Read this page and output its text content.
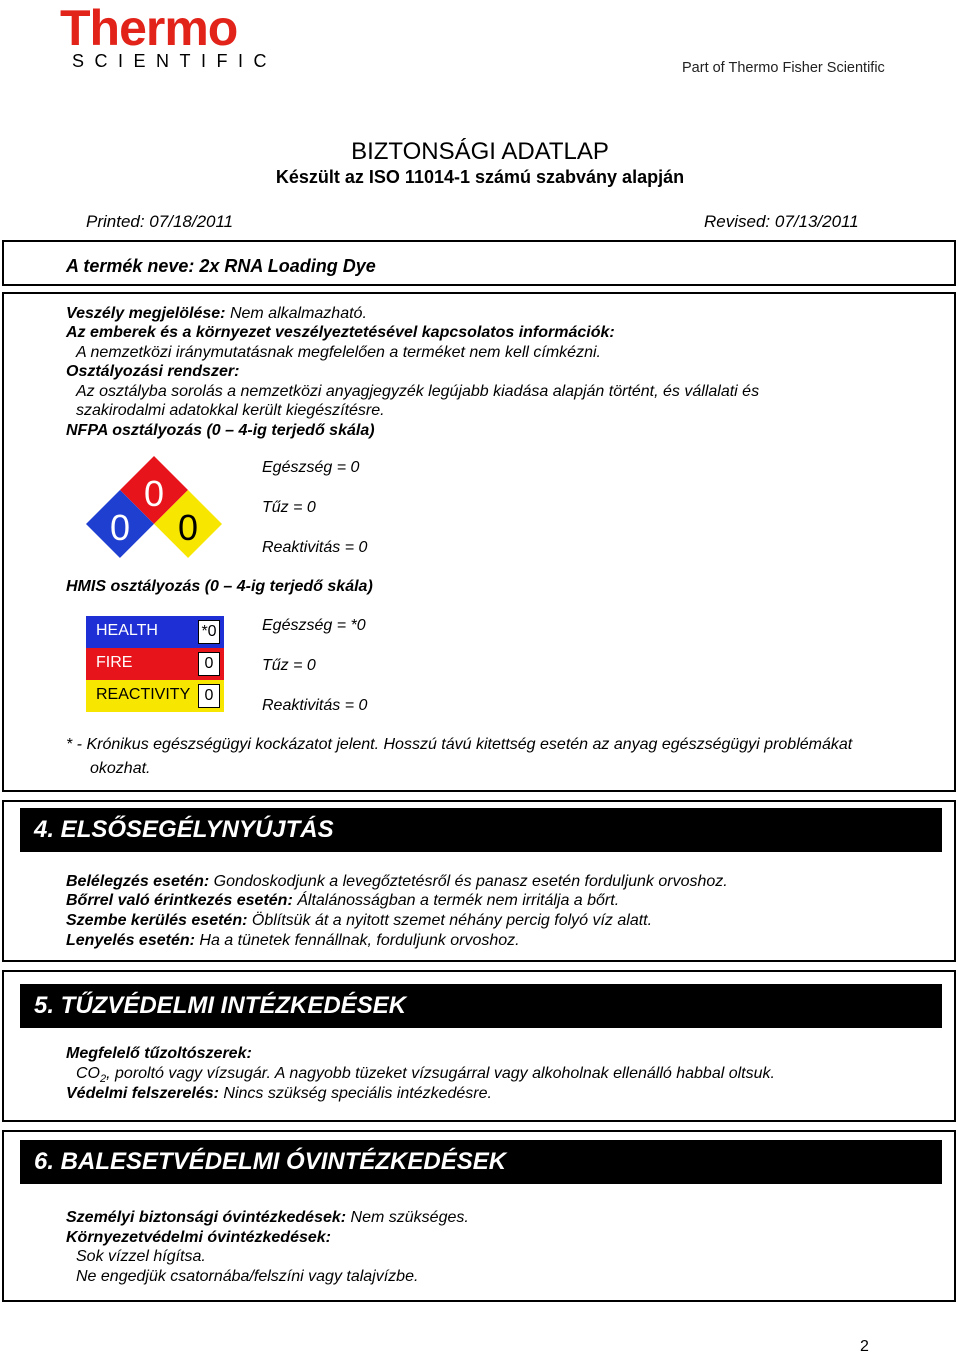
Thermo
SCIENTIFIC	Part of Thermo Fisher Scientific
BIZTONSÁGI ADATLAP
Készült az ISO 11014-1 számú szabvány alapján
Printed: 07/18/2011	Revised: 07/13/2011
A termék neve: 2x RNA Loading Dye
Veszély megjelölése: Nem alkalmazható.
Az emberek és a környezet veszélyeztetésével kapcsolatos információk:
A nemzetközi iránymutatásnak megfelelően a terméket nem kell címkézni.
Osztályozási rendszer:
Az osztályba sorolás a nemzetközi anyagjegyzék legújabb kiadása alapján történt, és vállalati és
szakirodalmi adatokkal került kiegészítésre.
NFPA osztályozás (0 – 4-ig terjedő skála)
0
0 0
Egészség = 0
Tűz = 0
Reaktivitás = 0
HMIS osztályozás (0 – 4-ig terjedő skála)
HEALTH	*0
FIRE	0
REACTIVITY 0
Egészség = *0
Tűz = 0
Reaktivitás = 0
* - Krónikus egészségügyi kockázatot jelent. Hosszú távú kitettség esetén az anyag egészségügyi problémákat
okozhat.
4. ELSŐSEGÉLYNYÚJTÁS
Belélegzés esetén: Gondoskodjunk a levegőztetésről és panasz esetén forduljunk orvoshoz.
Bőrrel való érintkezés esetén: Általánosságban a termék nem irritálja a bőrt.
Szembe kerülés esetén: Öblítsük át a nyitott szemet néhány percig folyó víz alatt.
Lenyelés esetén: Ha a tünetek fennállnak, forduljunk orvoshoz.
5. TŰZVÉDELMI INTÉZKEDÉSEK
Megfelelő tűzoltószerek:
$CO_2$, poroltó vagy vízsugár. A nagyobb tüzeket vízsugárral vagy alkoholnak ellenálló habbal oltsuk.
Védelmi felszerelés: Nincs szükség speciális intézkedésre.
6. BALESETVÉDELMI ÓVINTÉZKEDÉSEK
Személyi biztonsági óvintézkedések: Nem szükséges.
Környezetvédelmi óvintézkedések:
Sok vízzel hígítsa.
Ne engedjük csatornába/felszíni vagy talajvízbe.
2
